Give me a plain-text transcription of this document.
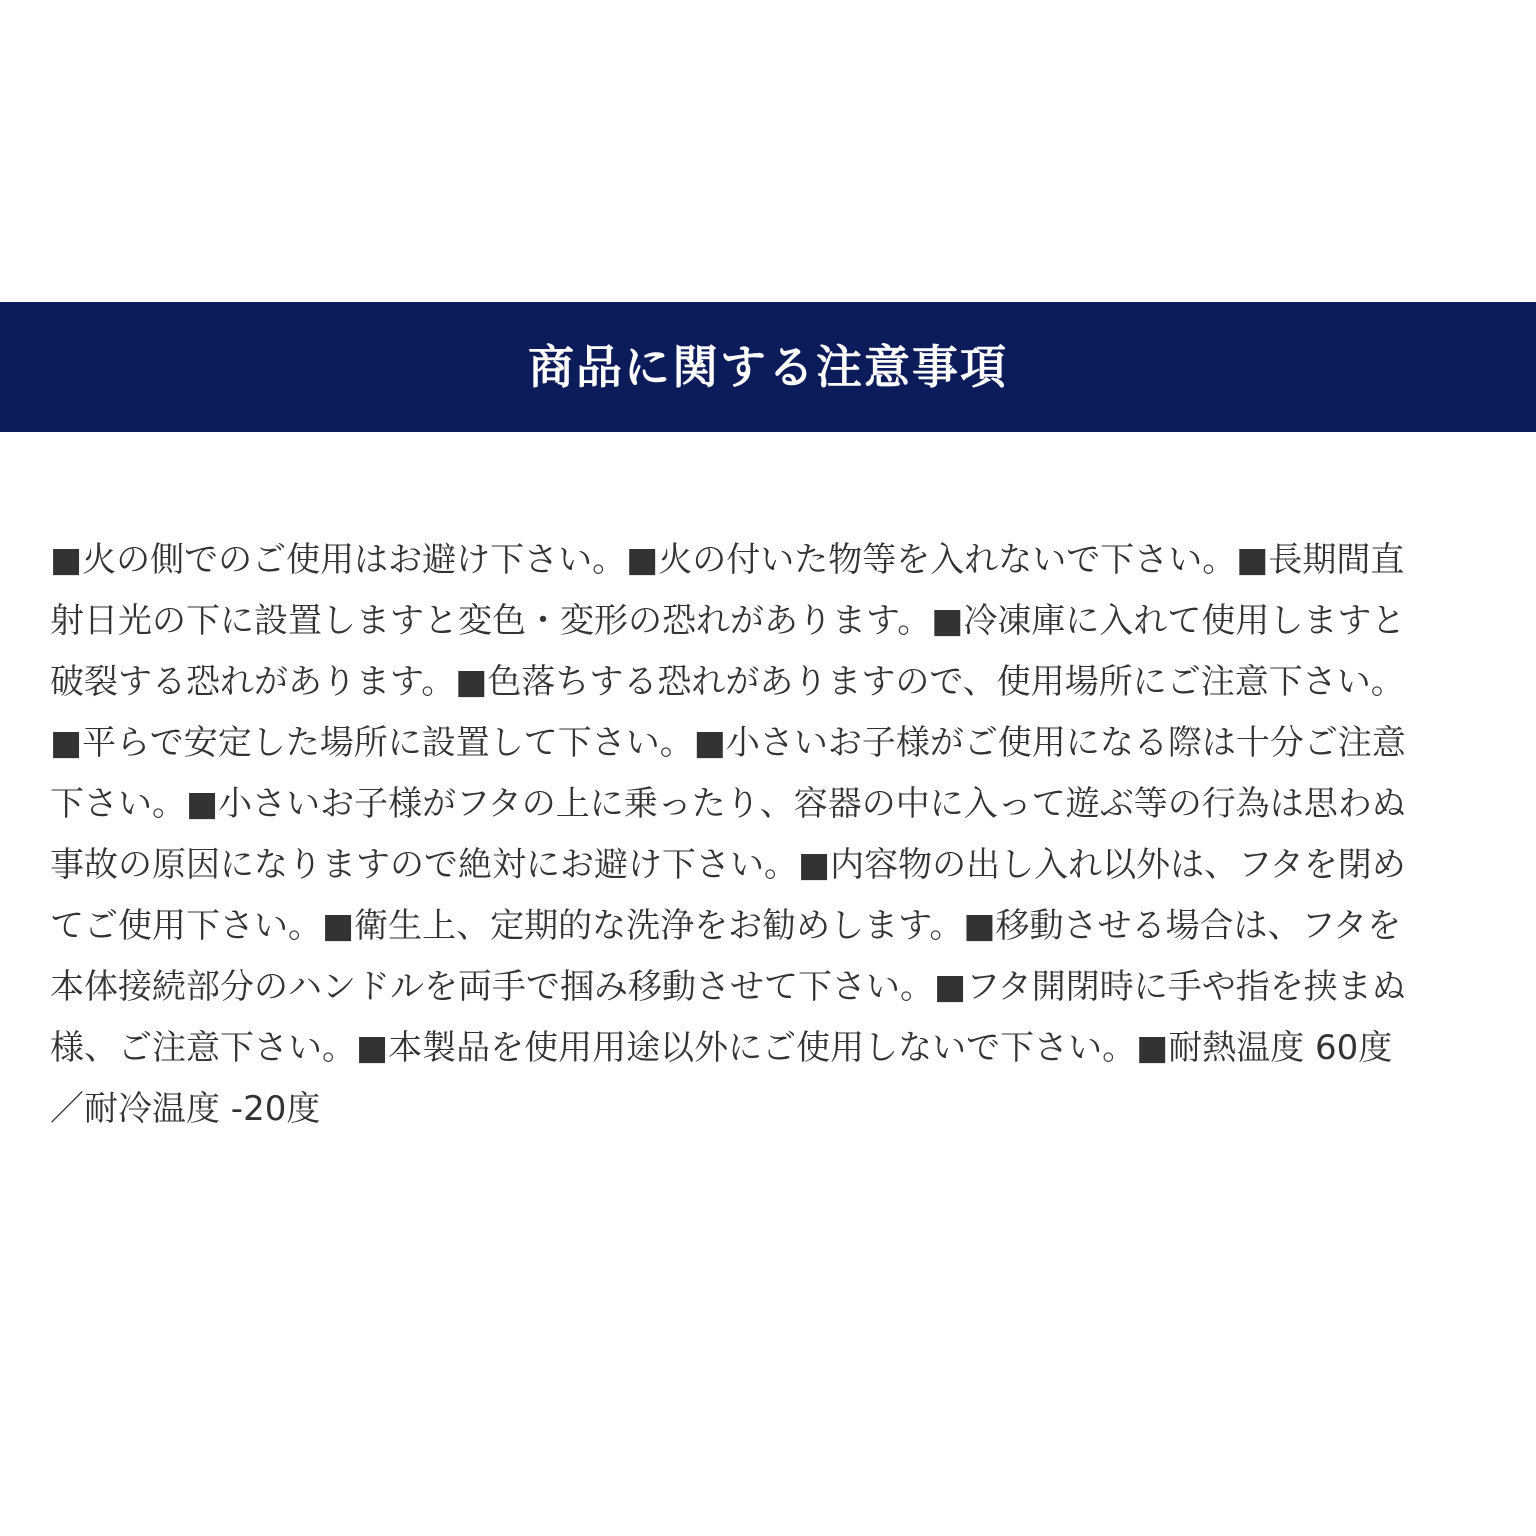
商品に関する注意事項
■火の側でのご使用はお避け下さい。■火の付いた物等を入れないで下さい。■長期間直
射日光の下に設置しますと変色・変形の恐れがあります。■冷凍庫に入れて使用しますと
破裂する恐れがあります。■色落ちする恐れがありますので、使用場所にご注意下さい。
■平らで安定した場所に設置して下さい。■小さいお子様がご使用になる際は十分ご注意
下さい。■小さいお子様がフタの上に乗ったり、容器の中に入って遊ぶ等の行為は思わぬ
事故の原因になりますので絶対にお避け下さい。■内容物の出し入れ以外は、フタを閉め
てご使用下さい。■衛生上、定期的な洗浄をお勧めします。■移動させる場合は、フタを
本体接続部分のハンドルを両手で掴み移動させて下さい。■フタ開閉時に手や指を挟まぬ
様、ご注意下さい。■本製品を使用用途以外にご使用しないで下さい。■耐熱温度 60度
／耐冷温度 -20度
